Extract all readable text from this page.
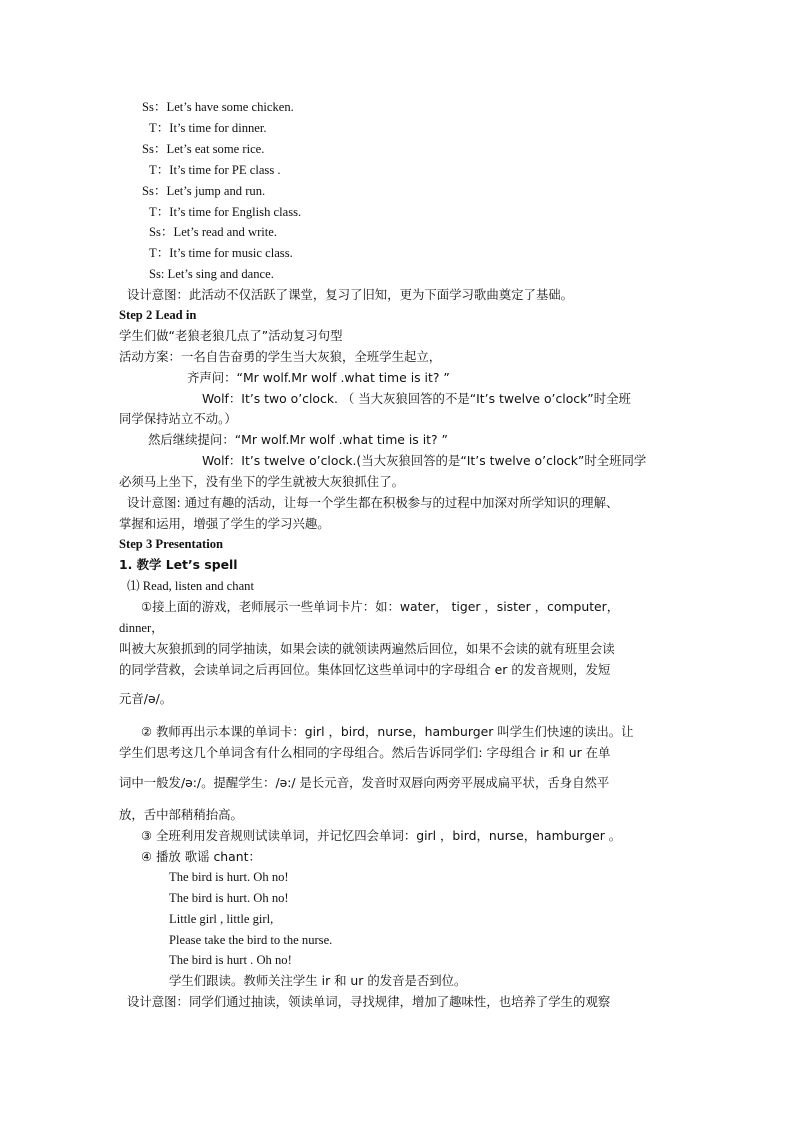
Ss：Let’s have some chicken.
T：It’s time for dinner.
Ss：Let’s eat some rice.
T：It’s time for PE class .
Ss：Let’s jump and run.
T：It’s time for English class.
Ss：Let’s read and write.
T：It’s time for music class.
Ss: Let’s sing and dance.
设计意图：此活动不仅活跃了课堂，复习了旧知，更为下面学习歌曲奠定了基础。
Step 2 Lead in
学生们做“老狼老狼几点了”活动复习句型
活动方案：一名自告奋勇的学生当大灰狼，全班学生起立，
齐声问：“Mr wolf.Mr wolf .what time is it? ”
Wolf：It’s two o’clock. （ 当大灰狼回答的不是“It’s twelve o’clock”时全班
同学保持站立不动。）
然后继续提问：“Mr wolf.Mr wolf .what time is it? ”
Wolf：It’s twelve o’clock.(当大灰狼回答的是“It’s twelve o’clock”时全班同学
必须马上坐下，没有坐下的学生就被大灰狼抓住了。
设计意图: 通过有趣的活动，让每一个学生都在积极参与的过程中加深对所学知识的理解、
掌握和运用，增强了学生的学习兴趣。
Step 3 Presentation
1. 教学 Let’s spell
⑴ Read, listen and chant
①接上面的游戏，老师展示一些单词卡片：如：water， tiger ，sister ，computer，
dinner，
叫被大灰狼抓到的同学抽读，如果会读的就领读两遍然后回位，如果不会读的就有班里会读
的同学营救，会读单词之后再回位。集体回忆这些单词中的字母组合 er 的发音规则，发短
元音/ə/。
② 教师再出示本课的单词卡：girl ，bird，nurse，hamburger 叫学生们快速的读出。让
学生们思考这几个单词含有什么相同的字母组合。然后告诉同学们: 字母组合 ir 和 ur 在单
词中一般发/ə:/。提醒学生：/ə:/ 是长元音，发音时双唇向两旁平展成扁平状，舌身自然平
放，舌中部稍稍抬高。
③ 全班利用发音规则试读单词，并记忆四会单词：girl ，bird，nurse，hamburger 。
④ 播放 歌谣 chant：
The bird is hurt. Oh no!
The bird is hurt. Oh no!
Little girl , little girl,
Please take the bird to the nurse.
The bird is hurt . Oh no!
学生们跟读。教师关注学生 ir 和 ur 的发音是否到位。
设计意图：同学们通过抽读，领读单词，寻找规律，增加了趣味性，也培养了学生的观察
